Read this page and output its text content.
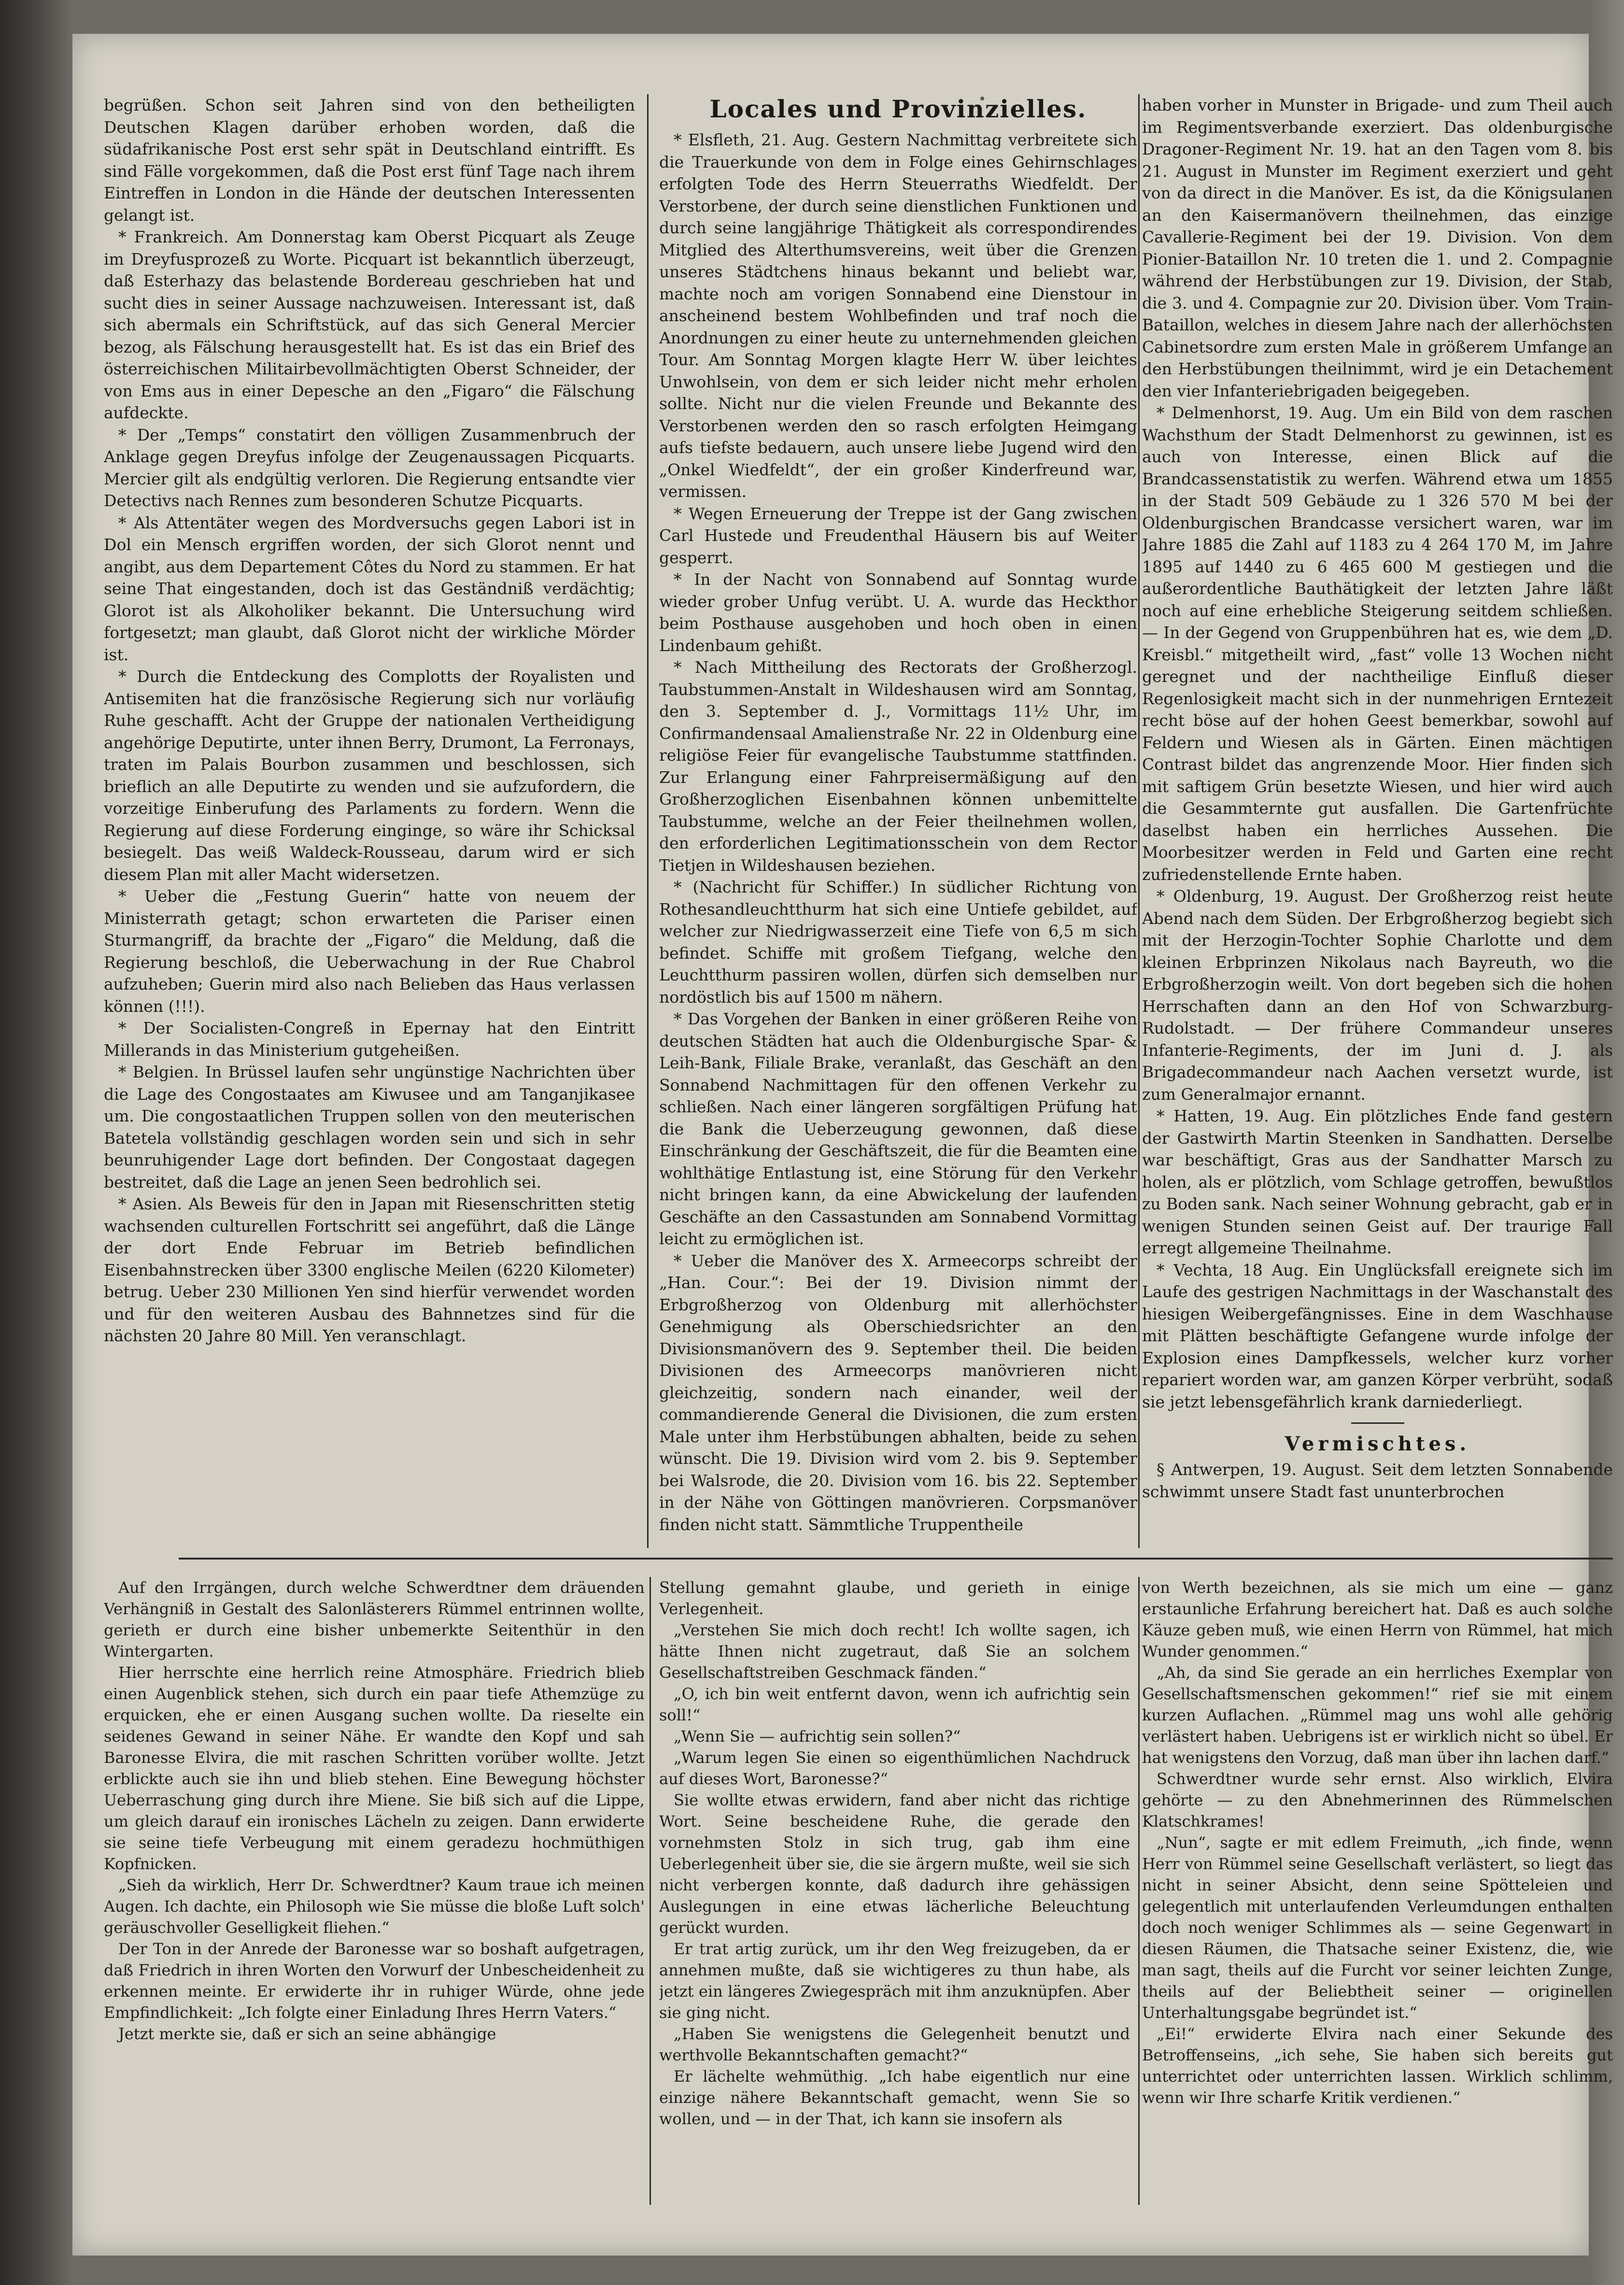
begrüßen. Schon seit Jahren sind von den betheiligten Deutschen Klagen darüber erhoben worden, daß die südafrikanische Post erst sehr spät in Deutschland eintrifft. Es sind Fälle vorgekommen, daß die Post erst fünf Tage nach ihrem Eintreffen in London in die Hände der deutschen Interessenten gelangt ist.

* Frankreich. Am Donnerstag kam Oberst Picquart als Zeuge im Dreyfusprozeß zu Worte. Picquart ist bekanntlich überzeugt, daß Esterhazy das belastende Bordereau geschrieben hat und sucht dies in seiner Aussage nachzuweisen. Interessant ist, daß sich abermals ein Schriftstück, auf das sich General Mercier bezog, als Fälschung herausgestellt hat. Es ist das ein Brief des österreichischen Militairbevollmächtigten Oberst Schneider, der von Ems aus in einer Depesche an den „Figaro“ die Fälschung aufdeckte.

* Der „Temps“ constatirt den völligen Zusammenbruch der Anklage gegen Dreyfus infolge der Zeugenaussagen Picquarts. Mercier gilt als endgültig verloren. Die Regierung entsandte vier Detectivs nach Rennes zum besonderen Schutze Picquarts.

* Als Attentäter wegen des Mordversuchs gegen Labori ist in Dol ein Mensch ergriffen worden, der sich Glorot nennt und angibt, aus dem Departement Côtes du Nord zu stammen. Er hat seine That eingestanden, doch ist das Geständniß verdächtig; Glorot ist als Alkoholiker bekannt. Die Untersuchung wird fortgesetzt; man glaubt, daß Glorot nicht der wirkliche Mörder ist.

* Durch die Entdeckung des Complotts der Royalisten und Antisemiten hat die französische Regierung sich nur vorläufig Ruhe geschafft. Acht der Gruppe der nationalen Vertheidigung angehörige Deputirte, unter ihnen Berry, Drumont, La Ferronays, traten im Palais Bourbon zusammen und beschlossen, sich brieflich an alle Deputirte zu wenden und sie aufzufordern, die vorzeitige Einberufung des Parlaments zu fordern. Wenn die Regierung auf diese Forderung einginge, so wäre ihr Schicksal besiegelt. Das weiß Waldeck-Rousseau, darum wird er sich diesem Plan mit aller Macht widersetzen.

* Ueber die „Festung Guerin“ hatte von neuem der Ministerrath getagt; schon erwarteten die Pariser einen Sturmangriff, da brachte der „Figaro“ die Meldung, daß die Regierung beschloß, die Ueberwachung in der Rue Chabrol aufzuheben; Guerin mird also nach Belieben das Haus verlassen können (!!!).

* Der Socialisten-Congreß in Epernay hat den Eintritt Millerands in das Ministerium gutgeheißen.

* Belgien. In Brüssel laufen sehr ungünstige Nachrichten über die Lage des Congostaates am Kiwusee und am Tanganjikasee um. Die congostaatlichen Truppen sollen von den meuterischen Batetela vollständig geschlagen worden sein und sich in sehr beunruhigender Lage dort befinden. Der Congostaat dagegen bestreitet, daß die Lage an jenen Seen bedrohlich sei.

* Asien. Als Beweis für den in Japan mit Riesenschritten stetig wachsenden culturellen Fortschritt sei angeführt, daß die Länge der dort Ende Februar im Betrieb befindlichen Eisenbahnstrecken über 3300 englische Meilen (6220 Kilometer) betrug. Ueber 230 Millionen Yen sind hierfür verwendet worden und für den weiteren Ausbau des Bahnnetzes sind für die nächsten 20 Jahre 80 Mill. Yen veranschlagt.

Locales und Provinzielles.

* Elsfleth, 21. Aug. Gestern Nachmittag verbreitete sich die Trauerkunde von dem in Folge eines Gehirnschlages erfolgten Tode des Herrn Steuerraths Wiedfeldt. Der Verstorbene, der durch seine dienstlichen Funktionen und durch seine langjährige Thätigkeit als correspondirendes Mitglied des Alterthumsvereins, weit über die Grenzen unseres Städtchens hinaus bekannt und beliebt war, machte noch am vorigen Sonnabend eine Dienstour in anscheinend bestem Wohlbefinden und traf noch die Anordnungen zu einer heute zu unternehmenden gleichen Tour. Am Sonntag Morgen klagte Herr W. über leichtes Unwohlsein, von dem er sich leider nicht mehr erholen sollte. Nicht nur die vielen Freunde und Bekannte des Verstorbenen werden den so rasch erfolgten Heimgang aufs tiefste bedauern, auch unsere liebe Jugend wird den „Onkel Wiedfeldt“, der ein großer Kinderfreund war, vermissen.

* Wegen Erneuerung der Treppe ist der Gang zwischen Carl Hustede und Freudenthal Häusern bis auf Weiter gesperrt.

* In der Nacht von Sonnabend auf Sonntag wurde wieder grober Unfug verübt. U. A. wurde das Heckthor beim Posthause ausgehoben und hoch oben in einen Lindenbaum gehißt.

* Nach Mittheilung des Rectorats der Großherzogl. Taubstummen-Anstalt in Wildeshausen wird am Sonntag, den 3. September d. J., Vormittags 11½ Uhr, im Confirmandensaal Amalienstraße Nr. 22 in Oldenburg eine religiöse Feier für evangelische Taubstumme stattfinden. Zur Erlangung einer Fahrpreisermäßigung auf den Großherzoglichen Eisenbahnen können unbemittelte Taubstumme, welche an der Feier theilnehmen wollen, den erforderlichen Legitimationsschein von dem Rector Tietjen in Wildeshausen beziehen.

* (Nachricht für Schiffer.) In südlicher Richtung von Rothesandleuchtthurm hat sich eine Untiefe gebildet, auf welcher zur Niedrigwasserzeit eine Tiefe von 6,5 m sich befindet. Schiffe mit großem Tiefgang, welche den Leuchtthurm passiren wollen, dürfen sich demselben nur nordöstlich bis auf 1500 m nähern.

* Das Vorgehen der Banken in einer größeren Reihe von deutschen Städten hat auch die Oldenburgische Spar- & Leih-Bank, Filiale Brake, veranlaßt, das Geschäft an den Sonnabend Nachmittagen für den offenen Verkehr zu schließen. Nach einer längeren sorgfältigen Prüfung hat die Bank die Ueberzeugung gewonnen, daß diese Einschränkung der Geschäftszeit, die für die Beamten eine wohlthätige Entlastung ist, eine Störung für den Verkehr nicht bringen kann, da eine Abwickelung der laufenden Geschäfte an den Cassastunden am Sonnabend Vormittag leicht zu ermöglichen ist.

* Ueber die Manöver des X. Armeecorps schreibt der „Han. Cour.“: Bei der 19. Division nimmt der Erbgroßherzog von Oldenburg mit allerhöchster Genehmigung als Oberschiedsrichter an den Divisionsmanövern des 9. September theil. Die beiden Divisionen des Armeecorps manövrieren nicht gleichzeitig, sondern nach einander, weil der commandierende General die Divisionen, die zum ersten Male unter ihm Herbstübungen abhalten, beide zu sehen wünscht. Die 19. Division wird vom 2. bis 9. September bei Walsrode, die 20. Division vom 16. bis 22. September in der Nähe von Göttingen manövrieren. Corpsmanöver finden nicht statt. Sämmtliche Truppentheile

haben vorher in Munster in Brigade- und zum Theil auch im Regimentsverbande exerziert. Das oldenburgische Dragoner-Regiment Nr. 19. hat an den Tagen vom 8. bis 21. August in Munster im Regiment exerziert und geht von da direct in die Manöver. Es ist, da die Königsulanen an den Kaisermanövern theilnehmen, das einzige Cavallerie-Regiment bei der 19. Division. Von dem Pionier-Bataillon Nr. 10 treten die 1. und 2. Compagnie während der Herbstübungen zur 19. Division, der Stab, die 3. und 4. Compagnie zur 20. Division über. Vom Train-Bataillon, welches in diesem Jahre nach der allerhöchsten Cabinetsordre zum ersten Male in größerem Umfange an den Herbstübungen theilnimmt, wird je ein Detachement den vier Infanteriebrigaden beigegeben.

* Delmenhorst, 19. Aug. Um ein Bild von dem raschen Wachsthum der Stadt Delmenhorst zu gewinnen, ist es auch von Interesse, einen Blick auf die Brandcassenstatistik zu werfen. Während etwa um 1855 in der Stadt 509 Gebäude zu 1 326 570 M bei der Oldenburgischen Brandcasse versichert waren, war im Jahre 1885 die Zahl auf 1183 zu 4 264 170 M, im Jahre 1895 auf 1440 zu 6 465 600 M gestiegen und die außerordentliche Bauthätigkeit der letzten Jahre läßt noch auf eine erhebliche Steigerung seitdem schließen. — In der Gegend von Gruppenbühren hat es, wie dem „D. Kreisbl.“ mitgetheilt wird, „fast“ volle 13 Wochen nicht geregnet und der nachtheilige Einfluß dieser Regenlosigkeit macht sich in der nunmehrigen Erntezeit recht böse auf der hohen Geest bemerkbar, sowohl auf Feldern und Wiesen als in Gärten. Einen mächtigen Contrast bildet das angrenzende Moor. Hier finden sich mit saftigem Grün besetzte Wiesen, und hier wird auch die Gesammternte gut ausfallen. Die Gartenfrüchte daselbst haben ein herrliches Aussehen. Die Moorbesitzer werden in Feld und Garten eine recht zufriedenstellende Ernte haben.

* Oldenburg, 19. August. Der Großherzog reist heute Abend nach dem Süden. Der Erbgroßherzog begiebt sich mit der Herzogin-Tochter Sophie Charlotte und dem kleinen Erbprinzen Nikolaus nach Bayreuth, wo die Erbgroßherzogin weilt. Von dort begeben sich die hohen Herrschaften dann an den Hof von Schwarzburg-Rudolstadt. — Der frühere Commandeur unseres Infanterie-Regiments, der im Juni d. J. als Brigadecommandeur nach Aachen versetzt wurde, ist zum Generalmajor ernannt.

* Hatten, 19. Aug. Ein plötzliches Ende fand gestern der Gastwirth Martin Steenken in Sandhatten. Derselbe war beschäftigt, Gras aus der Sandhatter Marsch zu holen, als er plötzlich, vom Schlage getroffen, bewußtlos zu Boden sank. Nach seiner Wohnung gebracht, gab er in wenigen Stunden seinen Geist auf. Der traurige Fall erregt allgemeine Theilnahme.

* Vechta, 18 Aug. Ein Unglücksfall ereignete sich im Laufe des gestrigen Nachmittags in der Waschanstalt des hiesigen Weibergefängnisses. Eine in dem Waschhause mit Plätten beschäftigte Gefangene wurde infolge der Explosion eines Dampfkessels, welcher kurz vorher repariert worden war, am ganzen Körper verbrüht, sodaß sie jetzt lebensgefährlich krank darniederliegt.

Vermischtes.

§ Antwerpen, 19. August. Seit dem letzten Sonnabende schwimmt unsere Stadt fast ununterbrochen

Auf den Irrgängen, durch welche Schwerdtner dem dräuenden Verhängniß in Gestalt des Salonlästerers Rümmel entrinnen wollte, gerieth er durch eine bisher unbemerkte Seitenthür in den Wintergarten.

Hier herrschte eine herrlich reine Atmosphäre. Friedrich blieb einen Augenblick stehen, sich durch ein paar tiefe Athemzüge zu erquicken, ehe er einen Ausgang suchen wollte. Da rieselte ein seidenes Gewand in seiner Nähe. Er wandte den Kopf und sah Baronesse Elvira, die mit raschen Schritten vorüber wollte. Jetzt erblickte auch sie ihn und blieb stehen. Eine Bewegung höchster Ueberraschung ging durch ihre Miene. Sie biß sich auf die Lippe, um gleich darauf ein ironisches Lächeln zu zeigen. Dann erwiderte sie seine tiefe Verbeugung mit einem geradezu hochmüthigen Kopfnicken.

„Sieh da wirklich, Herr Dr. Schwerdtner? Kaum traue ich meinen Augen. Ich dachte, ein Philosoph wie Sie müsse die bloße Luft solch' geräuschvoller Geselligkeit fliehen.“

Der Ton in der Anrede der Baronesse war so boshaft aufgetragen, daß Friedrich in ihren Worten den Vorwurf der Unbescheidenheit zu erkennen meinte. Er erwiderte ihr in ruhiger Würde, ohne jede Empfindlichkeit: „Ich folgte einer Einladung Ihres Herrn Vaters.“

Jetzt merkte sie, daß er sich an seine abhängige

Stellung gemahnt glaube, und gerieth in einige Verlegenheit.

„Verstehen Sie mich doch recht! Ich wollte sagen, ich hätte Ihnen nicht zugetraut, daß Sie an solchem Gesellschaftstreiben Geschmack fänden.“

„O, ich bin weit entfernt davon, wenn ich aufrichtig sein soll!“

„Wenn Sie — aufrichtig sein sollen?“

„Warum legen Sie einen so eigenthümlichen Nachdruck auf dieses Wort, Baronesse?“

Sie wollte etwas erwidern, fand aber nicht das richtige Wort. Seine bescheidene Ruhe, die gerade den vornehmsten Stolz in sich trug, gab ihm eine Ueberlegenheit über sie, die sie ärgern mußte, weil sie sich nicht verbergen konnte, daß dadurch ihre gehässigen Auslegungen in eine etwas lächerliche Beleuchtung gerückt wurden.

Er trat artig zurück, um ihr den Weg freizugeben, da er annehmen mußte, daß sie wichtigeres zu thun habe, als jetzt ein längeres Zwiegespräch mit ihm anzuknüpfen. Aber sie ging nicht.

„Haben Sie wenigstens die Gelegenheit benutzt und werthvolle Bekanntschaften gemacht?“

Er lächelte wehmüthig. „Ich habe eigentlich nur eine einzige nähere Bekanntschaft gemacht, wenn Sie so wollen, und — in der That, ich kann sie insofern als

von Werth bezeichnen, als sie mich um eine — ganz erstaunliche Erfahrung bereichert hat. Daß es auch solche Käuze geben muß, wie einen Herrn von Rümmel, hat mich Wunder genommen.“

„Ah, da sind Sie gerade an ein herrliches Exemplar von Gesellschaftsmenschen gekommen!“ rief sie mit einem kurzen Auflachen. „Rümmel mag uns wohl alle gehörig verlästert haben. Uebrigens ist er wirklich nicht so übel. Er hat wenigstens den Vorzug, daß man über ihn lachen darf.“

Schwerdtner wurde sehr ernst. Also wirklich, Elvira gehörte — zu den Abnehmerinnen des Rümmelschen Klatschkrames!

„Nun“, sagte er mit edlem Freimuth, „ich finde, wenn Herr von Rümmel seine Gesellschaft verlästert, so liegt das nicht in seiner Absicht, denn seine Spötteleien und gelegentlich mit unterlaufenden Verleumdungen enthalten doch noch weniger Schlimmes als — seine Gegenwart in diesen Räumen, die Thatsache seiner Existenz, die, wie man sagt, theils auf die Furcht vor seiner leichten Zunge, theils auf der Beliebtheit seiner — originellen Unterhaltungsgabe begründet ist.“

„Ei!“ erwiderte Elvira nach einer Sekunde des Betroffenseins, „ich sehe, Sie haben sich bereits gut unterrichtet oder unterrichten lassen. Wirklich schlimm, wenn wir Ihre scharfe Kritik verdienen.“
